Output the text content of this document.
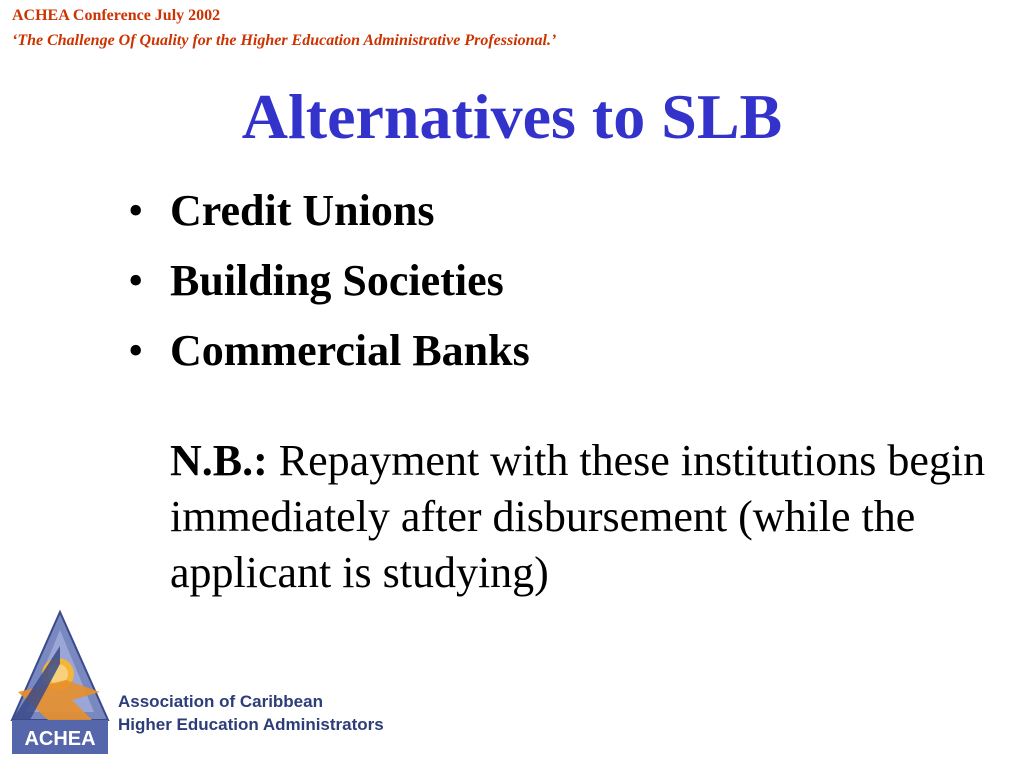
ACHEA Conference July 2002
‘The Challenge Of Quality for the Higher Education Administrative Professional.’
Alternatives to SLB
• Credit Unions
• Building Societies
• Commercial Banks
N.B.: Repayment with these institutions begin immediately after disbursement (while the applicant is studying)
ACHEA
Association of Caribbean
Higher Education Administrators
